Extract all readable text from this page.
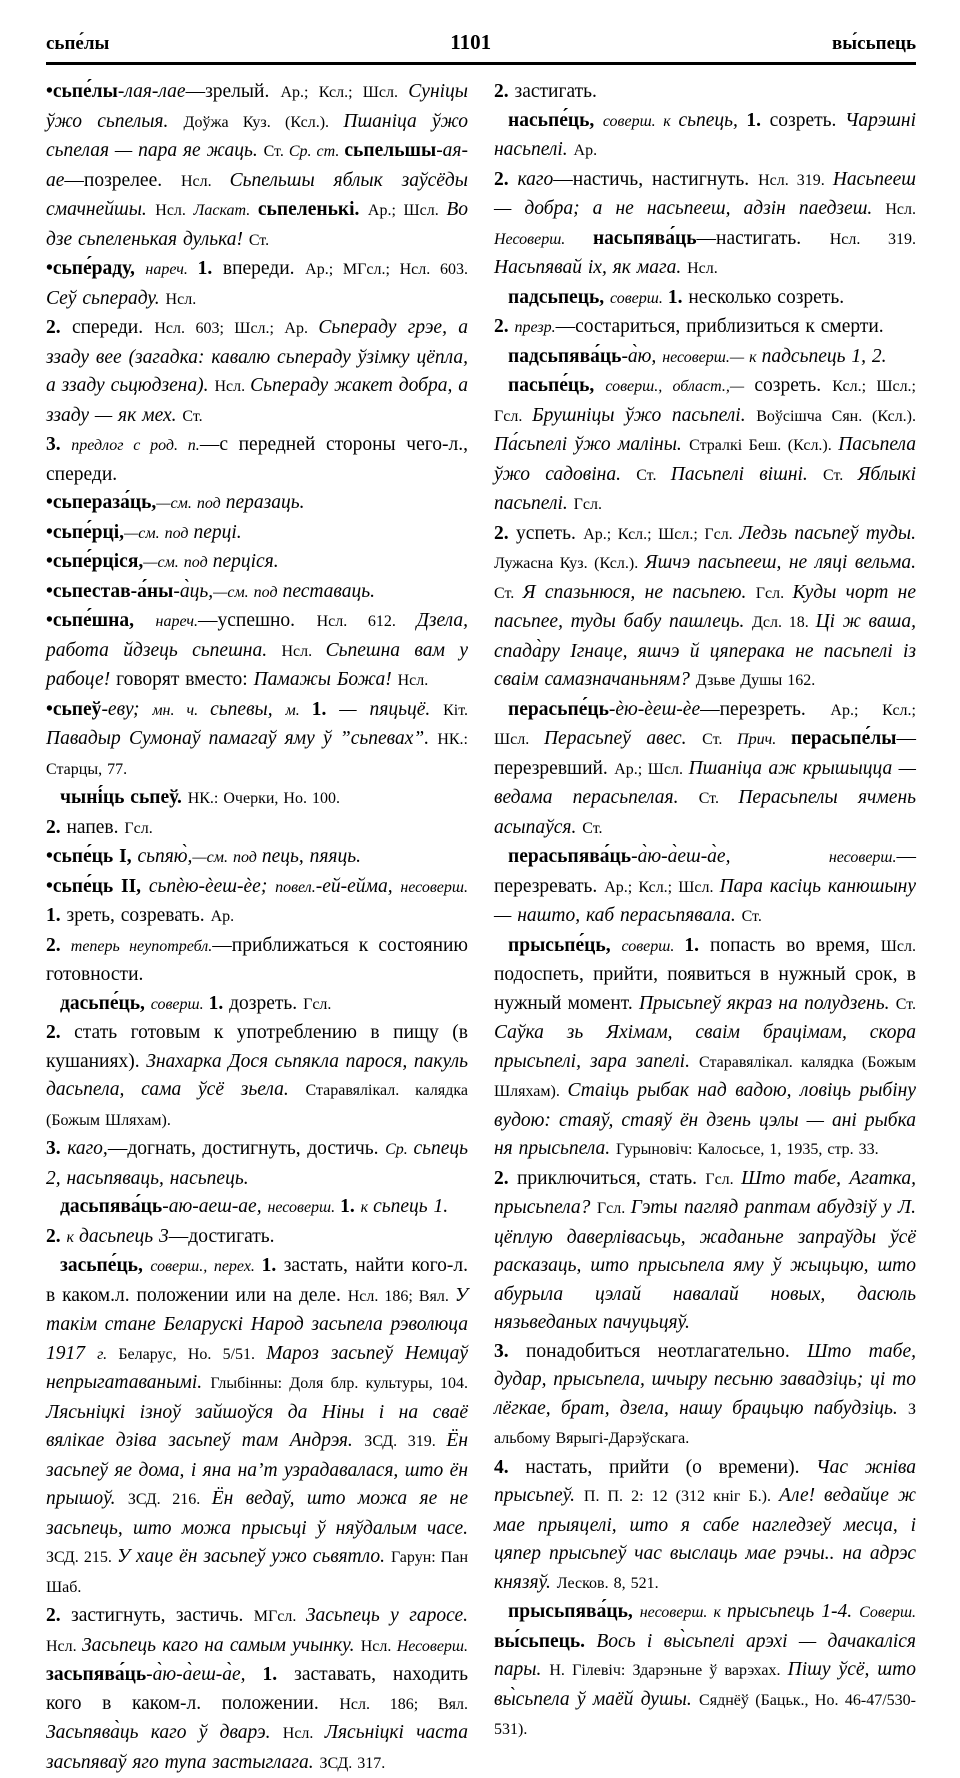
сьпе́лы	1101	вы́сьпець
•сьпе́лы-лая-лае—зрелый. Ар.; Ксл.; Шсл. Суніцы ўжо сьпелыя. Доўжа Куз. (Ксл.). Пшаніца ўжо сьпелая — пара яе жаць. Ст. Ср. ст. сьпельшы-ая-ае—позрелее. Нсл. Сьпельшы яблык заўсёды смачнейшы. Нсл. Ласкат. сьпеленькі. Ар.; Шсл. Во дзе сьпеленькая дулька! Ст.
•сьпе́раду, нареч. 1. впереди. Ар.; МГсл.; Нсл. 603. Сеў сьпераду. Нсл.
2. спереди. Нсл. 603; Шсл.; Ар. Сьпераду грэе, а ззаду вее (загадка: кавалю сьпераду ўзімку цёпла, а ззаду сьцюдзена). Нсл. Сьпераду жакет добра, а ззаду — як мех. Ст.
3. предлог с род. п.—с передней стороны чего-л., спереди.
•сьпераза́ць,—см. под перазаць.
•сьпе́рці,—см. под перці.
•сьпе́рціся,—см. под перціся.
•сьпестав-а́ны-а̀ць,—см. под пеставаць.
•сьпе́шна, нареч.—успешно. Нсл. 612. Дзела, работа йдзець сьпешна. Нсл. Сьпешна вам у рабоце! говорят вместо: Памажы Божа! Нсл.
•сьпеў-еву; мн. ч. сьпевы, м. 1. — пяцьцё. Кіт. Павадыр Сумонаў памагаў яму ў ”сьпевах”. НК.: Старцы, 77.
чыні́ць сьпеў. НК.: Очерки, Но. 100.
2. напев. Гсл.
•сьпе́ць I, сьпяю̀,—см. под пець, пяяць.
•сьпе́ць II, сьпѐю-ѐеш-ѐе; повел.-ей-ейма, несоверш. 1. зреть, созревать. Ар.
2. теперь неупотребл.—приближаться к состоянию готовности.
дасьпе́ць, соверш. 1. дозреть. Гсл.
2. стать готовым к употреблению в пищу (в кушаниях). Знахарка Дося сьпякла парося, пакуль дасьпела, сама ўсё зьела. Старавялікал. калядка (Божым Шляхам).
3. каго,—догнать, достигнуть, достичь. Ср. сьпець 2, насьпяваць, насьпець.
дасьпява́ць-аю-аеш-ае, несоверш. 1. к сьпець 1.
2. к дасьпець 3—достигать.
засьпе́ць, соверш., перех. 1. застать, найти кого-л. в каком.л. положении или на деле. Нсл. 186; Вял. У такім стане Беларускі Народ засьпела рэволюца 1917 г. Беларус, Но. 5/51. Мароз засьпеў Немцаў непрыгатаванымі. Глыбінны: Доля блр. культуры, 104. Лясьніцкі ізноў зайшоўся да Ніны і на сваё вялікае дзіва засьпеў там Андрэя. ЗСД. 319. Ён засьпеў яе дома, і яна на’т узрадавалася, што ён прышоў. ЗСД. 216. Ён ведаў, што можа яе не засьпець, што можа прысьці ў няўдалым часе. ЗСД. 215. У хаце ён засьпеў ужо сьвятло. Гарун: Пан Шаб.
2. застигнуть, застичь. МГсл. Засьпець у гаросе. Нсл. Засьпець каго на самым учынку. Нсл. Несоверш. засьпява́ць-а̀ю-а̀еш-а̀е, 1. заставать, находить кого в каком-л. положении. Нсл. 186; Вял. Засьпява̀ць каго ў дварэ. Нсл. Лясьніцкі часта засьпяваў яго тупа застыглага. ЗСД. 317.
2. застигать.
насьпе́ць, соверш. к сьпець, 1. созреть. Чарэшні насьпелі. Ар.
2. каго—настичь, настигнуть. Нсл. 319. Насьпееш — добра; а не насьпееш, адзін паедзеш. Нсл. Несоверш. насьпява́ць—настигать. Нсл. 319. Насьпявай іх, як мага. Нсл.
падсьпець, соверш. 1. несколько созреть.
2. презр.—состариться, приблизиться к смерти.
падсьпява́ць-а̀ю, несоверш.— к падсьпець 1, 2.
пасьпе́ць, соверш., област.,— созреть. Ксл.; Шсл.; Гсл. Брушніцы ўжо пасьпелі. Воўсішча Сян. (Ксл.). Па́сьпелі ўжо маліны. Стралкі Беш. (Ксл.). Пасьпела ўжо садовіна. Ст. Пасьпелі вішні. Ст. Яблыкі пасьпелі. Гсл.
2. успеть. Ар.; Ксл.; Шсл.; Гсл. Ледзь пасьпеў туды. Лужасна Куз. (Ксл.). Яшчэ пасьпееш, не ляці вельма. Ст. Я спазьнюся, не пасьпею. Гсл. Куды чорт не пасьпее, туды бабу пашлець. Дсл. 18. Ці ж ваша, спада̀ру Ігнаце, яшчэ й цяперака не пасьпелі із сваім самазначаньням? Дзьве Душы 162.
перасьпе́ць-ѐю-ѐеш-ѐе—перезреть. Ар.; Ксл.; Шсл. Перасьпеў авес. Ст. Прич. перасьпе́лы—перезревший. Ар.; Шсл. Пшаніца аж крышыцца — ведама перасьпелая. Ст. Перасьпелы ячмень асыпаўся. Ст.
перасьпява́ць-а̀ю-а̀еш-а̀е, несоверш.—перезревать. Ар.; Ксл.; Шсл. Пара касіць канюшыну — нашто, каб перасьпявала. Ст.
прысьпе́ць, соверш. 1. попасть во время, Шсл. подоспеть, прийти, появиться в нужный срок, в нужный момент. Прысьпеў якраз на полудзень. Ст. Саўка зь Яхімам, сваім брацімам, скора прысьпелі, зара запелі. Старавялікал. калядка (Божым Шляхам). Стаіць рыбак над вадою, ловіць рыбіну вудою: стаяў, стаяў ён дзень цэлы — ані рыбка ня прысьпела. Гурыновіч: Калосьсе, 1, 1935, стр. 33.
2. приключиться, стать. Гсл. Што табе, Агатка, прысьпела? Гсл. Гэты пагляд раптам абудзіў у Л. цёплую даверлівасьць, жаданьне запраўды ўсё расказаць, што прысьпела яму ў жыцьцю, што абурыла цэлай навалай новых, дасюль нязьведаных пачуцьцяў.
3. понадобиться неотлагательно. Што табе, дудар, прысьпела, шчыру песьню завадзіць; ці то лёгкае, брат, дзела, нашу брацьцю пабудзіць. З альбому Вярыгі-Дарэўскага.
4. настать, прийти (о времени). Час жніва прысьпеў. П. П. 2: 12 (312 кніг Б.). Але! ведайце ж мае прыяцелі, што я сабе нагледзеў месца, і цяпер прысьпеў час выслаць мае рэчы.. на адрэс князяў. Лесков. 8, 521.
прысьпява́ць, несоверш. к прысьпець 1-4. Соверш. вы́сьпець. Вось і вы̀сьпелі арэхі — дачакаліся пары. Н. Гілевіч: Здарэньне ў варэхах. Пішу ўсё, што вы̀сьпела ў маёй душы. Сяднёў (Бацьк., Но. 46-47/530-531).
